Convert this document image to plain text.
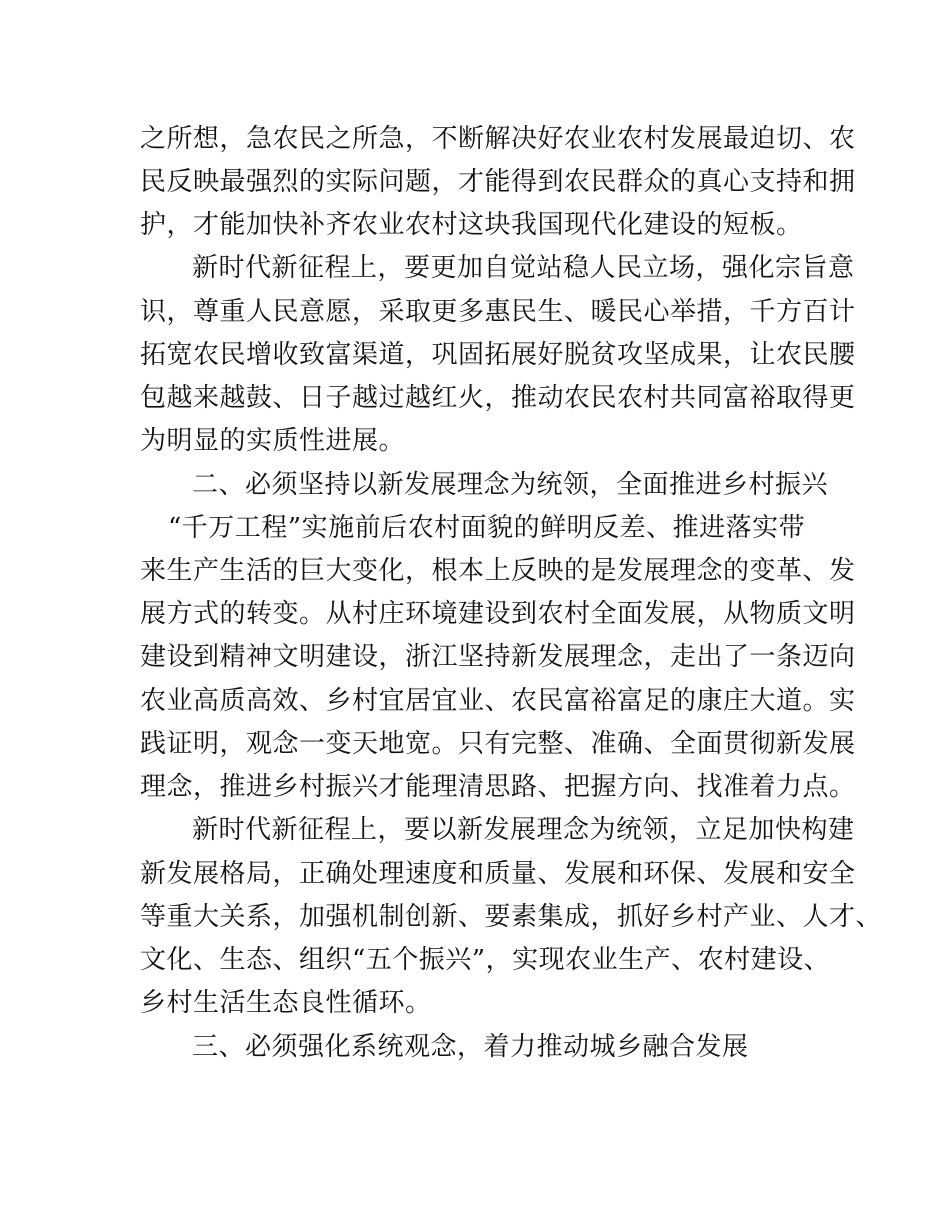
之所想，急农民之所急，不断解决好农业农村发展最迫切、农
民反映最强烈的实际问题，才能得到农民群众的真心支持和拥
护，才能加快补齐农业农村这块我国现代化建设的短板。
新时代新征程上，要更加自觉站稳人民立场，强化宗旨意
识，尊重人民意愿，采取更多惠民生、暖民心举措，千方百计
拓宽农民增收致富渠道，巩固拓展好脱贫攻坚成果，让农民腰
包越来越鼓、日子越过越红火，推动农民农村共同富裕取得更
为明显的实质性进展。
二、必须坚持以新发展理念为统领，全面推进乡村振兴
“千万工程”实施前后农村面貌的鲜明反差、推进落实带
来生产生活的巨大变化，根本上反映的是发展理念的变革、发
展方式的转变。从村庄环境建设到农村全面发展，从物质文明
建设到精神文明建设，浙江坚持新发展理念，走出了一条迈向
农业高质高效、乡村宜居宜业、农民富裕富足的康庄大道。实
践证明，观念一变天地宽。只有完整、准确、全面贯彻新发展
理念，推进乡村振兴才能理清思路、把握方向、找准着力点。
新时代新征程上，要以新发展理念为统领，立足加快构建
新发展格局，正确处理速度和质量、发展和环保、发展和安全
等重大关系，加强机制创新、要素集成，抓好乡村产业、人才、
文化、生态、组织“五个振兴”，实现农业生产、农村建设、
乡村生活生态良性循环。
三、必须强化系统观念，着力推动城乡融合发展
